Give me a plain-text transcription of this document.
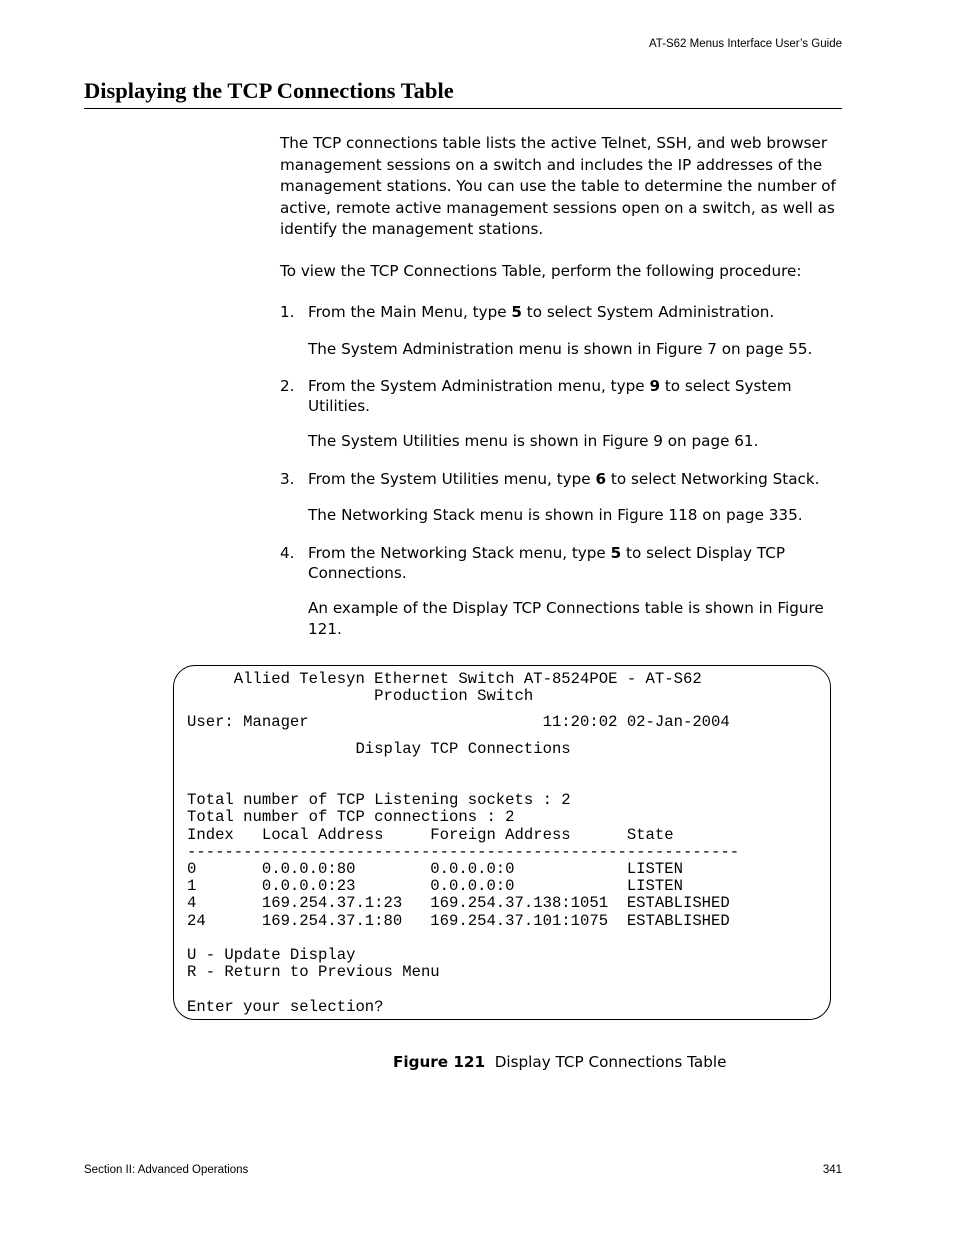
AT-S62 Menus Interface User’s Guide
Displaying the TCP Connections Table

The TCP connections table lists the active Telnet, SSH, and web browser management sessions on a switch and includes the IP addresses of the management stations. You can use the table to determine the number of active, remote active management sessions open on a switch, as well as identify the management stations.

To view the TCP Connections Table, perform the following procedure:

1. From the Main Menu, type 5 to select System Administration.

The System Administration menu is shown in Figure 7 on page 55.

2. From the System Administration menu, type 9 to select System Utilities.

The System Utilities menu is shown in Figure 9 on page 61.

3. From the System Utilities menu, type 6 to select Networking Stack.

The Networking Stack menu is shown in Figure 118 on page 335.

4. From the Networking Stack menu, type 5 to select Display TCP Connections.

An example of the Display TCP Connections table is shown in Figure 121.

Allied Telesyn Ethernet Switch AT-8524POE - AT-S62
Production Switch

User: Manager                         11:20:02 02-Jan-2004

Display TCP Connections

Total number of TCP Listening sockets : 2
Total number of TCP connections : 2
Index   Local Address     Foreign Address      State
-----------------------------------------------------------
0       0.0.0.0:80        0.0.0.0:0            LISTEN
1       0.0.0.0:23        0.0.0.0:0            LISTEN
4       169.254.37.1:23   169.254.37.138:1051  ESTABLISHED
24      169.254.37.1:80   169.254.37.101:1075  ESTABLISHED

U - Update Display
R - Return to Previous Menu

Enter your selection?
Figure 121 Display TCP Connections Table
Section II: Advanced Operations	341
